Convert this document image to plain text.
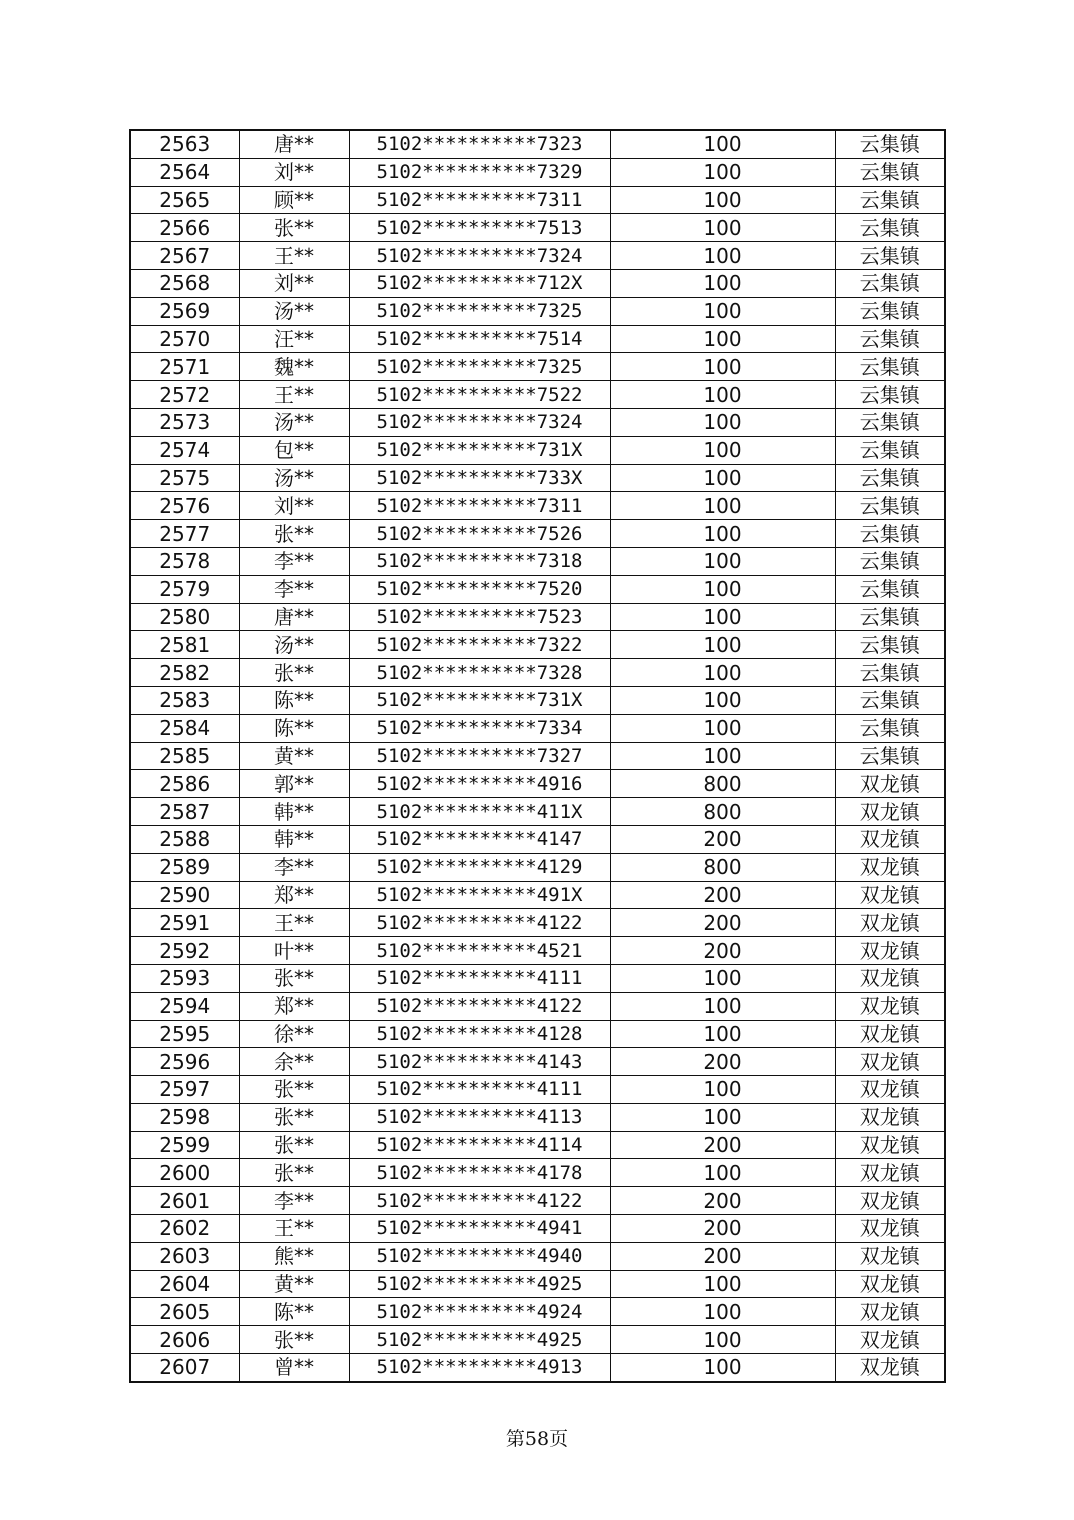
2563	唐**	5102**********7323	100	云集镇
2564	刘**	5102**********7329	100	云集镇
2565	顾**	5102**********7311	100	云集镇
2566	张**	5102**********7513	100	云集镇
2567	王**	5102**********7324	100	云集镇
2568	刘**	5102**********712X	100	云集镇
2569	汤**	5102**********7325	100	云集镇
2570	汪**	5102**********7514	100	云集镇
2571	魏**	5102**********7325	100	云集镇
2572	王**	5102**********7522	100	云集镇
2573	汤**	5102**********7324	100	云集镇
2574	包**	5102**********731X	100	云集镇
2575	汤**	5102**********733X	100	云集镇
2576	刘**	5102**********7311	100	云集镇
2577	张**	5102**********7526	100	云集镇
2578	李**	5102**********7318	100	云集镇
2579	李**	5102**********7520	100	云集镇
2580	唐**	5102**********7523	100	云集镇
2581	汤**	5102**********7322	100	云集镇
2582	张**	5102**********7328	100	云集镇
2583	陈**	5102**********731X	100	云集镇
2584	陈**	5102**********7334	100	云集镇
2585	黄**	5102**********7327	100	云集镇
2586	郭**	5102**********4916	800	双龙镇
2587	韩**	5102**********411X	800	双龙镇
2588	韩**	5102**********4147	200	双龙镇
2589	李**	5102**********4129	800	双龙镇
2590	郑**	5102**********491X	200	双龙镇
2591	王**	5102**********4122	200	双龙镇
2592	叶**	5102**********4521	200	双龙镇
2593	张**	5102**********4111	100	双龙镇
2594	郑**	5102**********4122	100	双龙镇
2595	徐**	5102**********4128	100	双龙镇
2596	余**	5102**********4143	200	双龙镇
2597	张**	5102**********4111	100	双龙镇
2598	张**	5102**********4113	100	双龙镇
2599	张**	5102**********4114	200	双龙镇
2600	张**	5102**********4178	100	双龙镇
2601	李**	5102**********4122	200	双龙镇
2602	王**	5102**********4941	200	双龙镇
2603	熊**	5102**********4940	200	双龙镇
2604	黄**	5102**********4925	100	双龙镇
2605	陈**	5102**********4924	100	双龙镇
2606	张**	5102**********4925	100	双龙镇
2607	曾**	5102**********4913	100	双龙镇
第58页
